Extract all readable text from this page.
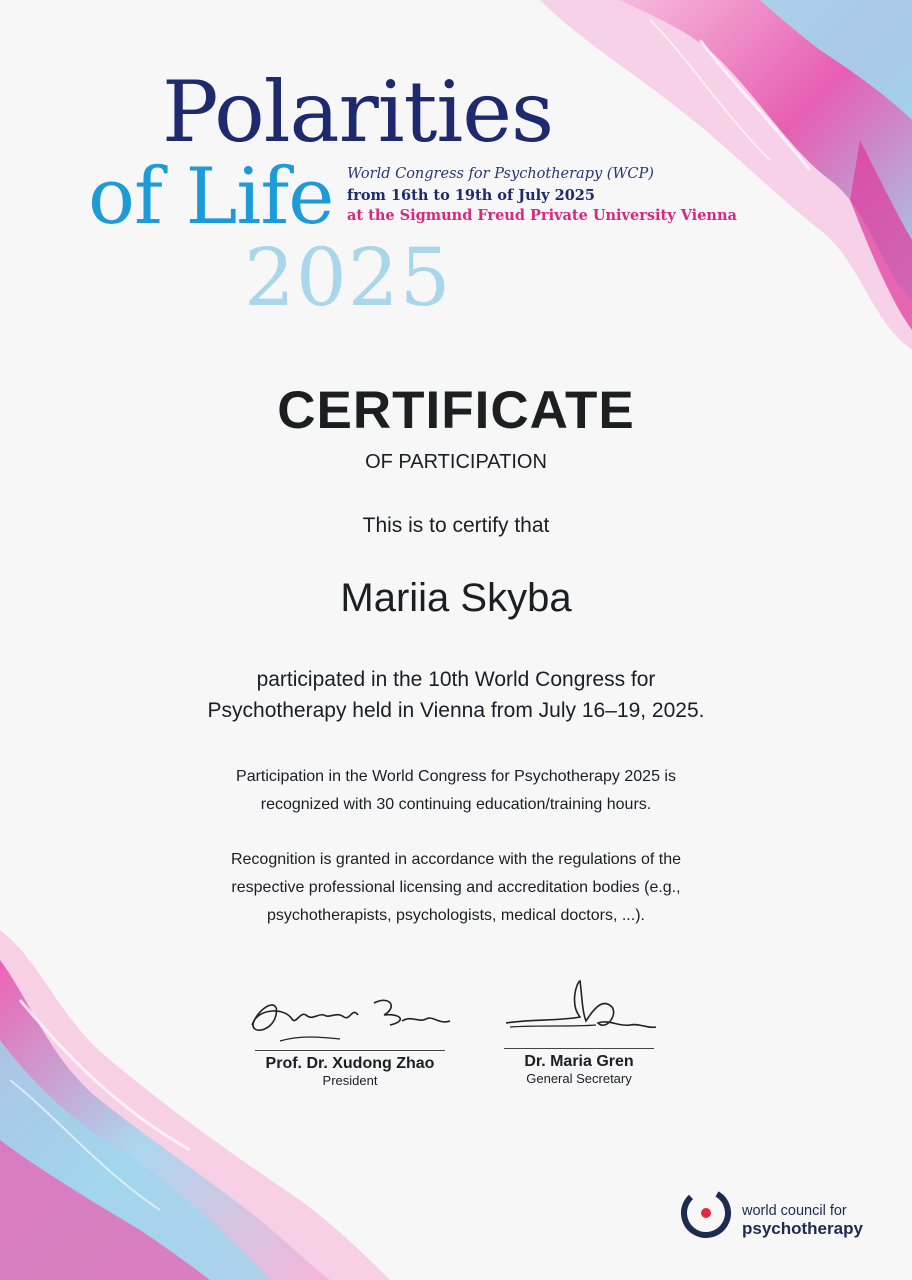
Polarities
of Life
2025
World Congress for Psychotherapy (WCP)
from 16th to 19th of July 2025
at the Sigmund Freud Private University Vienna
CERTIFICATE
OF PARTICIPATION
This is to certify that
Mariia Skyba
participated in the 10th World Congress for
Psychotherapy held in Vienna from July 16–19, 2025.
Participation in the World Congress for Psychotherapy 2025 is
recognized with 30 continuing education/training hours.
Recognition is granted in accordance with the regulations of the
respective professional licensing and accreditation bodies (e.g.,
psychotherapists, psychologists, medical doctors, ...).
Prof. Dr. Xudong Zhao
President
Dr. Maria Gren
General Secretary
world council for
psychotherapy
